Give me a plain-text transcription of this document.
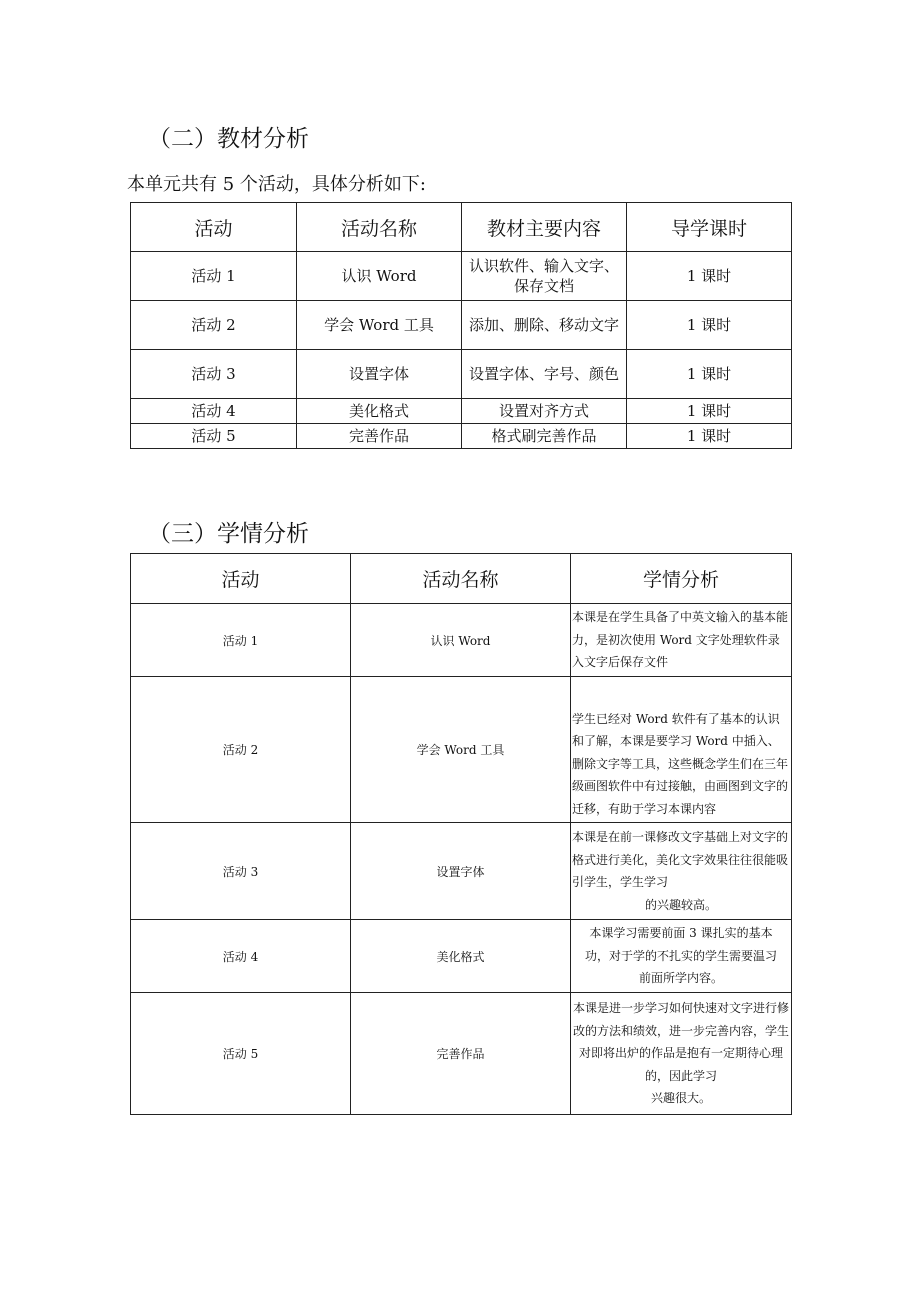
（二）教材分析
本单元共有 5 个活动，具体分析如下:
活动	活动名称	教材主要内容	导学课时
活动 1	认识 Word	认识软件、输入文字、保存文档	1 课时
活动 2	学会 Word 工具	添加、删除、移动文字	1 课时
活动 3	设置字体	设置字体、字号、颜色	1 课时
活动 4	美化格式	设置对齐方式	1 课时
活动 5	完善作品	格式刷完善作品	1 课时
（三）学情分析
活动	活动名称	学情分析
活动 1	认识 Word	本课是在学生具备了中英文输入的基本能力，是初次使用 Word 文字处理软件录入文字后保存文件

活动 2	学会 Word 工具	学生已经对 Word 软件有了基本的认识和了解，本课是要学习 Word 中插入、删除文字等工具，这些概念学生们在三年级画图软件中有过接触，由画图到文字的迁移，有助于学习本课内容

活动 3	设置字体	本课是在前一课修改文字基础上对文字的格式进行美化，美化文字效果往往很能吸引学生，学生学习
的兴趣较高。

活动 4	美化格式	本课学习需要前面 3 课扎实的基本功，对于学的不扎实的学生需要温习前面所学内容。

活动 5	完善作品	本课是进一步学习如何快速对文字进行修改的方法和绩效，进一步完善内容，学生对即将出炉的作品是抱有一定期待心理的，因此学习
兴趣很大。
